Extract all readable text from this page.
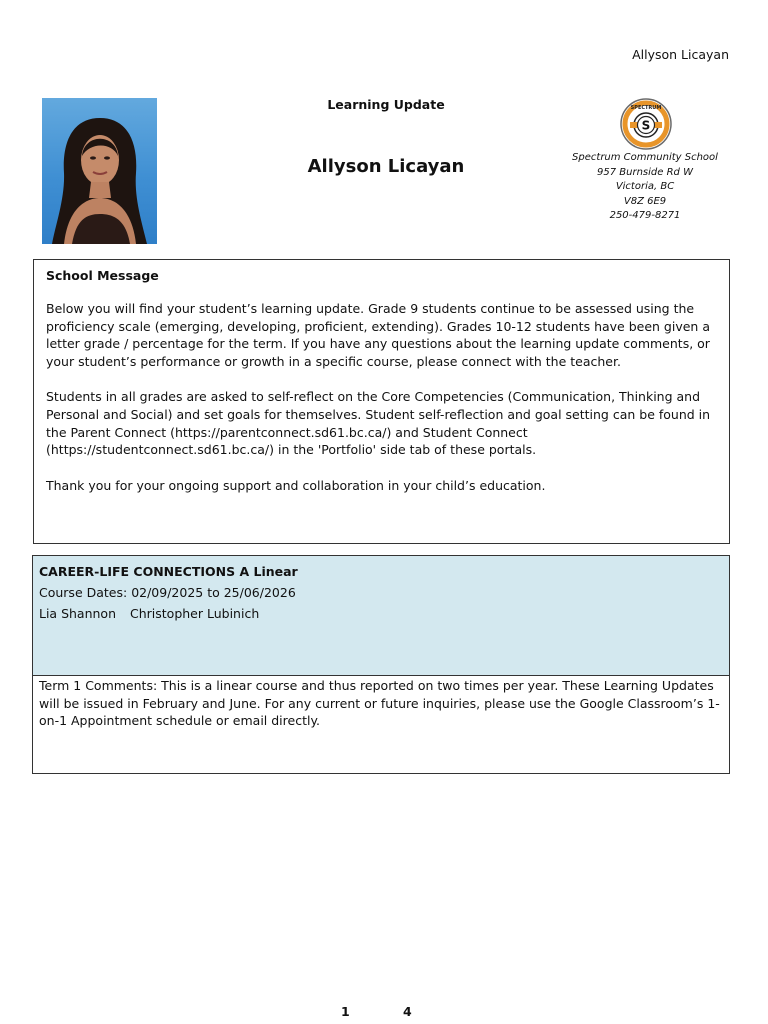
Allyson Licayan
Learning Update
Allyson Licayan
S
SPECTRUM
Spectrum Community School
957 Burnside Rd W
Victoria, BC
V8Z 6E9
250-479-8271
School Message

Below you will find your student’s learning update. Grade 9 students continue to be assessed using the proficiency scale (emerging, developing, proficient, extending). Grades 10-12 students have been given a letter grade / percentage for the term. If you have any questions about the learning update comments, or your student’s performance or growth in a specific course, please connect with the teacher.

Students in all grades are asked to self-reflect on the Core Competencies (Communication, Thinking and Personal and Social) and set goals for themselves. Student self-reflection and goal setting can be found in the Parent Connect (https://parentconnect.sd61.bc.ca/) and Student Connect (https://studentconnect.sd61.bc.ca/) in the 'Portfolio' side tab of these portals.

Thank you for your ongoing support and collaboration in your child’s education.

CAREER-LIFE CONNECTIONS A Linear
Course Dates: 02/09/2025 to 25/06/2026
Lia Shannon Christopher Lubinich
Term 1 Comments: This is a linear course and thus reported on two times per year. These Learning Updates will be issued in February and June. For any current or future inquiries, please use the Google Classroom’s 1-on-1 Appointment schedule or email directly.
1	4
